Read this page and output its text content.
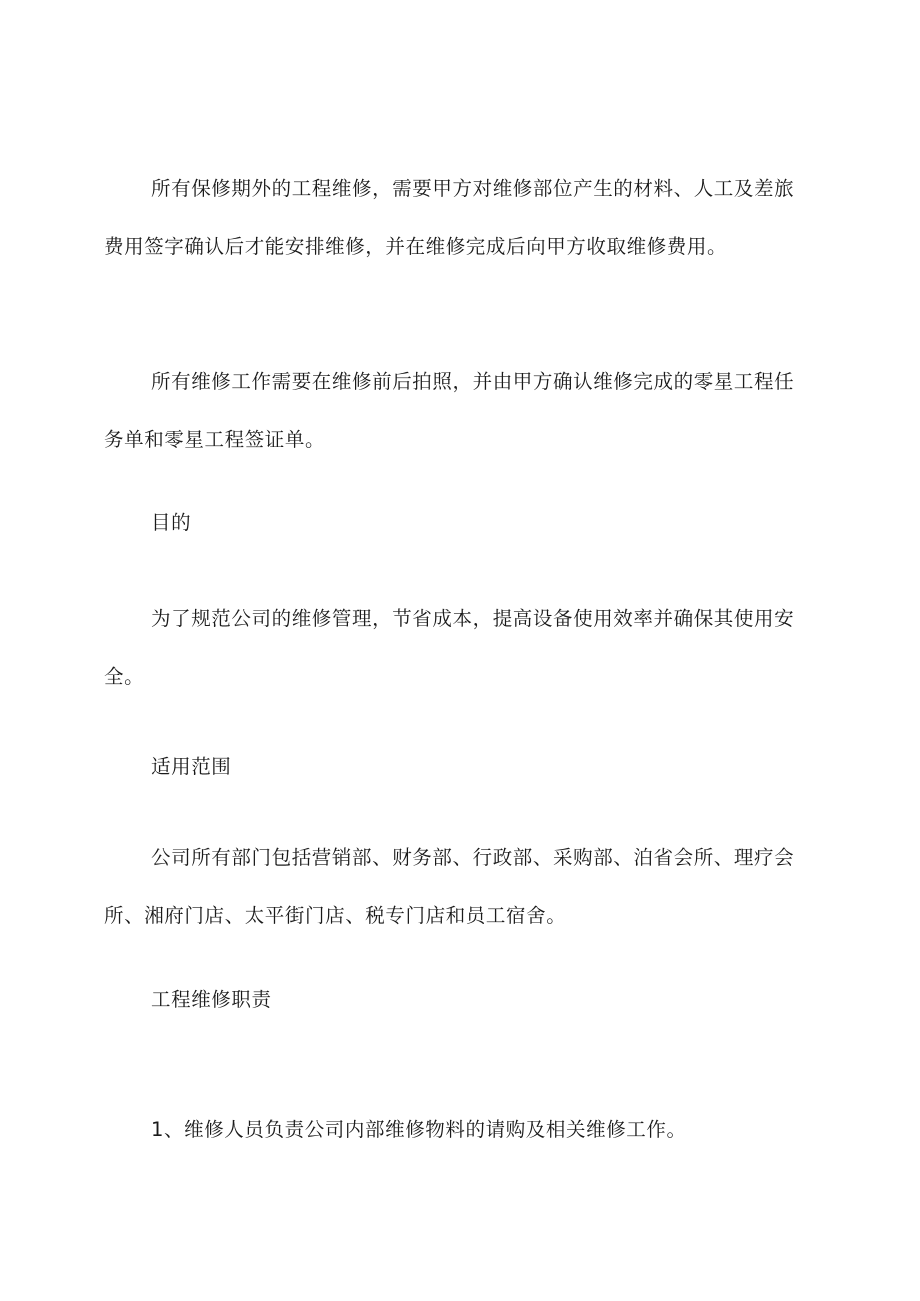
所有保修期外的工程维修，需要甲方对维修部位产生的材料、人工及差旅费用签字确认后才能安排维修，并在维修完成后向甲方收取维修费用。
所有维修工作需要在维修前后拍照，并由甲方确认维修完成的零星工程任务单和零星工程签证单。
目的
为了规范公司的维修管理，节省成本，提高设备使用效率并确保其使用安全。
适用范围
公司所有部门包括营销部、财务部、行政部、采购部、泊省会所、理疗会所、湘府门店、太平街门店、税专门店和员工宿舍。
工程维修职责
1、维修人员负责公司内部维修物料的请购及相关维修工作。
